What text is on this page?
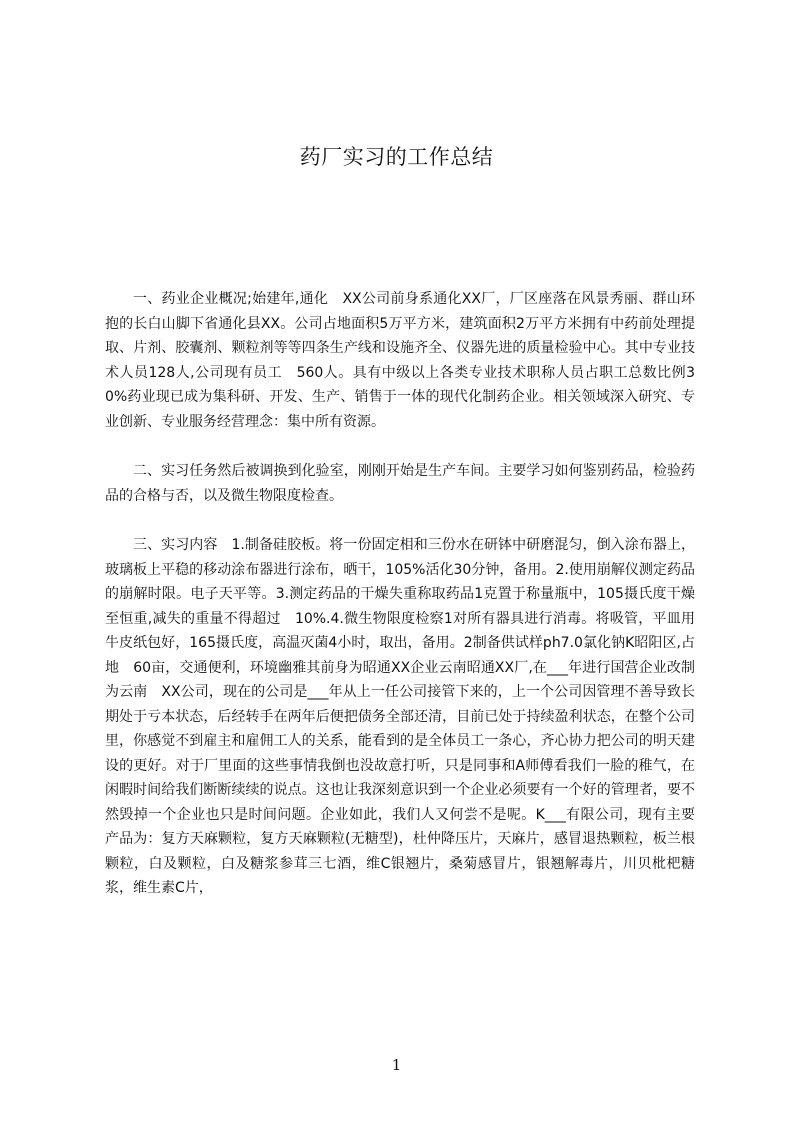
药厂实习的工作总结

一、药业企业概况;始建年,通化　XX公司前身系通化XX厂，厂区座落在风景秀丽、群山环抱的长白山脚下省通化县XX。公司占地面积5万平方米，建筑面积2万平方米拥有中药前处理提取、片剂、胶囊剂、颗粒剂等等四条生产线和设施齐全、仪器先进的质量检验中心。其中专业技术人员128人,公司现有员工　560人。具有中级以上各类专业技术职称人员占职工总数比例30%药业现已成为集科研、开发、生产、销售于一体的现代化制药企业。相关领域深入研究、专业创新、专业服务经营理念：集中所有资源。

二、实习任务然后被调换到化验室，刚刚开始是生产车间。主要学习如何鉴别药品，检验药品的合格与否，以及微生物限度检查。

三、实习内容　1.制备硅胶板。将一份固定相和三份水在研钵中研磨混匀，倒入涂布器上，玻璃板上平稳的移动涂布器进行涂布，晒干，105%活化30分钟，备用。2.使用崩解仪测定药品的崩解时限。电子天平等。3.测定药品的干燥失重称取药品1克置于称量瓶中，105摄氏度干燥至恒重,减失的重量不得超过　10%.4.微生物限度检察1对所有器具进行消毒。将吸管，平皿用牛皮纸包好，165摄氏度，高温灭菌4小时，取出，备用。2制备供试样ph7.0氯化钠K昭阳区,占地　60亩，交通便利，环境幽雅其前身为昭通XX企业云南昭通XX厂,在___年进行国营企业改制为云南　XX公司，现在的公司是___年从上一任公司接管下来的，上一个公司因管理不善导致长期处于亏本状态，后经转手在两年后便把债务全部还清，目前已处于持续盈利状态，在整个公司里，你感觉不到雇主和雇佣工人的关系，能看到的是全体员工一条心，齐心协力把公司的明天建设的更好。对于厂里面的这些事情我倒也没故意打听，只是同事和A师傅看我们一脸的稚气，在闲暇时间给我们断断续续的说点。这也让我深刻意识到一个企业必须要有一个好的管理者，要不然毁掉一个企业也只是时间问题。企业如此，我们人又何尝不是呢。K___有限公司，现有主要产品为：复方天麻颗粒，复方天麻颗粒(无糖型)，杜仲降压片，天麻片，感冒退热颗粒，板兰根颗粒，白及颗粒，白及糖浆参茸三七酒，维C银翘片，桑菊感冒片，银翘解毒片，川贝枇杷糖浆，维生素C片，

1
